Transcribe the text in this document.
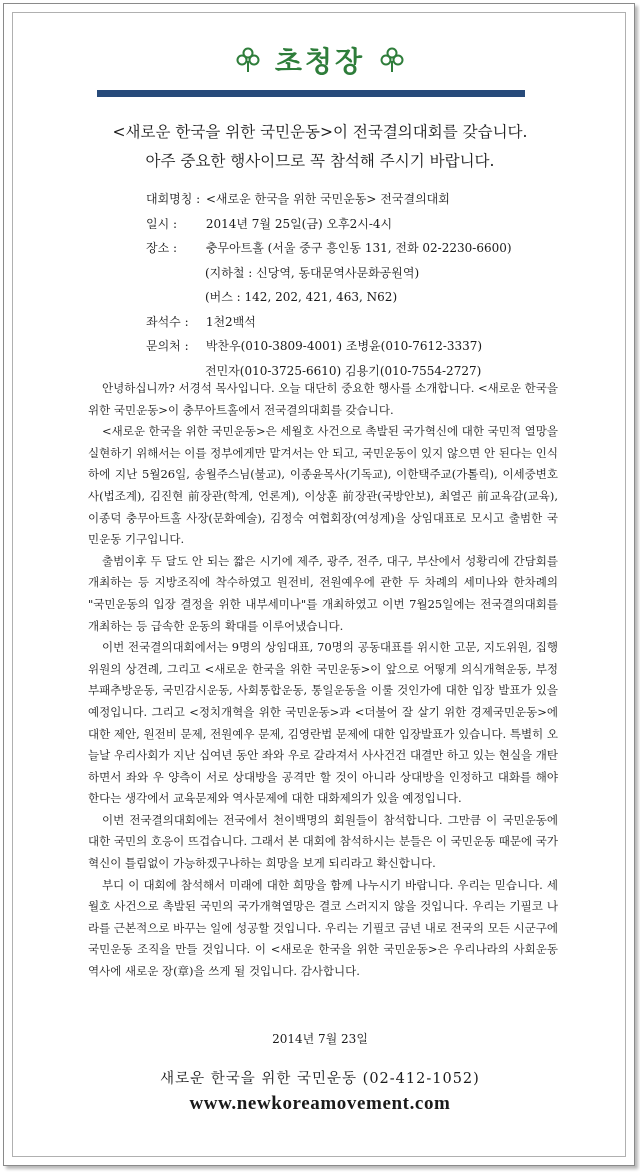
초청장
<새로운 한국을 위한 국민운동>이 전국결의대회를 갖습니다.
아주 중요한 행사이므로 꼭 참석해 주시기 바랍니다.
대회명칭 : <새로운 한국을 위한 국민운동> 전국결의대회
일시 : 2014년 7월 25일(금) 오후2시-4시
장소 : 충무아트홀 (서울 중구 흥인동 131, 전화 02-2230-6600)
(지하철 : 신당역, 동대문역사문화공원역)
(버스 : 142, 202, 421, 463, N62)
좌석수 : 1천2백석
문의처 : 박찬우(010-3809-4001) 조병윤(010-7612-3337)
전민자(010-3725-6610) 김용기(010-7554-2727)

안녕하십니까? 서경석 목사입니다. 오늘 대단히 중요한 행사를 소개합니다. <새로운 한국을 위한 국민운동>이 충무아트홀에서 전국결의대회를 갖습니다.

<새로운 한국을 위한 국민운동>은 세월호 사건으로 촉발된 국가혁신에 대한 국민적 열망을 실현하기 위해서는 이를 정부에게만 맡겨서는 안 되고, 국민운동이 있지 않으면 안 된다는 인식 하에 지난 5월26일, 송월주스님(불교), 이종윤목사(기독교), 이한택주교(가톨릭), 이세중변호사(법조계), 김진현 前장관(학계, 언론계), 이상훈 前장관(국방안보), 최열곤 前교육감(교육), 이종덕 충무아트홀 사장(문화예술), 김정숙 여협회장(여성계)을 상임대표로 모시고 출범한 국민운동 기구입니다.

출범이후 두 달도 안 되는 짧은 시기에 제주, 광주, 전주, 대구, 부산에서 성황리에 간담회를 개최하는 등 지방조직에 착수하였고 원전비, 전원예우에 관한 두 차례의 세미나와 한차례의 "국민운동의 입장 결정을 위한 내부세미나"를 개최하였고 이번 7월25일에는 전국결의대회를 개최하는 등 급속한 운동의 확대를 이루어냈습니다.

이번 전국결의대회에서는 9명의 상임대표, 70명의 공동대표를 위시한 고문, 지도위원, 집행위원의 상견례, 그리고 <새로운 한국을 위한 국민운동>이 앞으로 어떻게 의식개혁운동, 부정부패추방운동, 국민감시운동, 사회통합운동, 통일운동을 이룰 것인가에 대한 입장 발표가 있을 예정입니다. 그리고 <정치개혁을 위한 국민운동>과 <더불어 잘 살기 위한 경제국민운동>에 대한 제안, 원전비 문제, 전원예우 문제, 김영란법 문제에 대한 입장발표가 있습니다. 특별히 오늘날 우리사회가 지난 십여년 동안 좌와 우로 갈라져서 사사건건 대결만 하고 있는 현실을 개탄하면서 좌와 우 양측이 서로 상대방을 공격만 할 것이 아니라 상대방을 인정하고 대화를 해야 한다는 생각에서 교육문제와 역사문제에 대한 대화제의가 있을 예정입니다.

이번 전국결의대회에는 전국에서 천이백명의 회원들이 참석합니다. 그만큼 이 국민운동에 대한 국민의 호응이 뜨겁습니다. 그래서 본 대회에 참석하시는 분들은 이 국민운동 때문에 국가혁신이 틀림없이 가능하겠구나하는 희망을 보게 되리라고 확신합니다.

부디 이 대회에 참석해서 미래에 대한 희망을 함께 나누시기 바랍니다. 우리는 믿습니다. 세월호 사건으로 촉발된 국민의 국가개혁열망은 결코 스러지지 않을 것입니다. 우리는 기필코 나라를 근본적으로 바꾸는 일에 성공할 것입니다. 우리는 기필코 금년 내로 전국의 모든 시군구에 국민운동 조직을 만들 것입니다. 이 <새로운 한국을 위한 국민운동>은 우리나라의 사회운동 역사에 새로운 장(章)을 쓰게 될 것입니다. 감사합니다.

2014년 7월 23일
새로운 한국을 위한 국민운동 (02-412-1052)
www.newkoreamovement.com
